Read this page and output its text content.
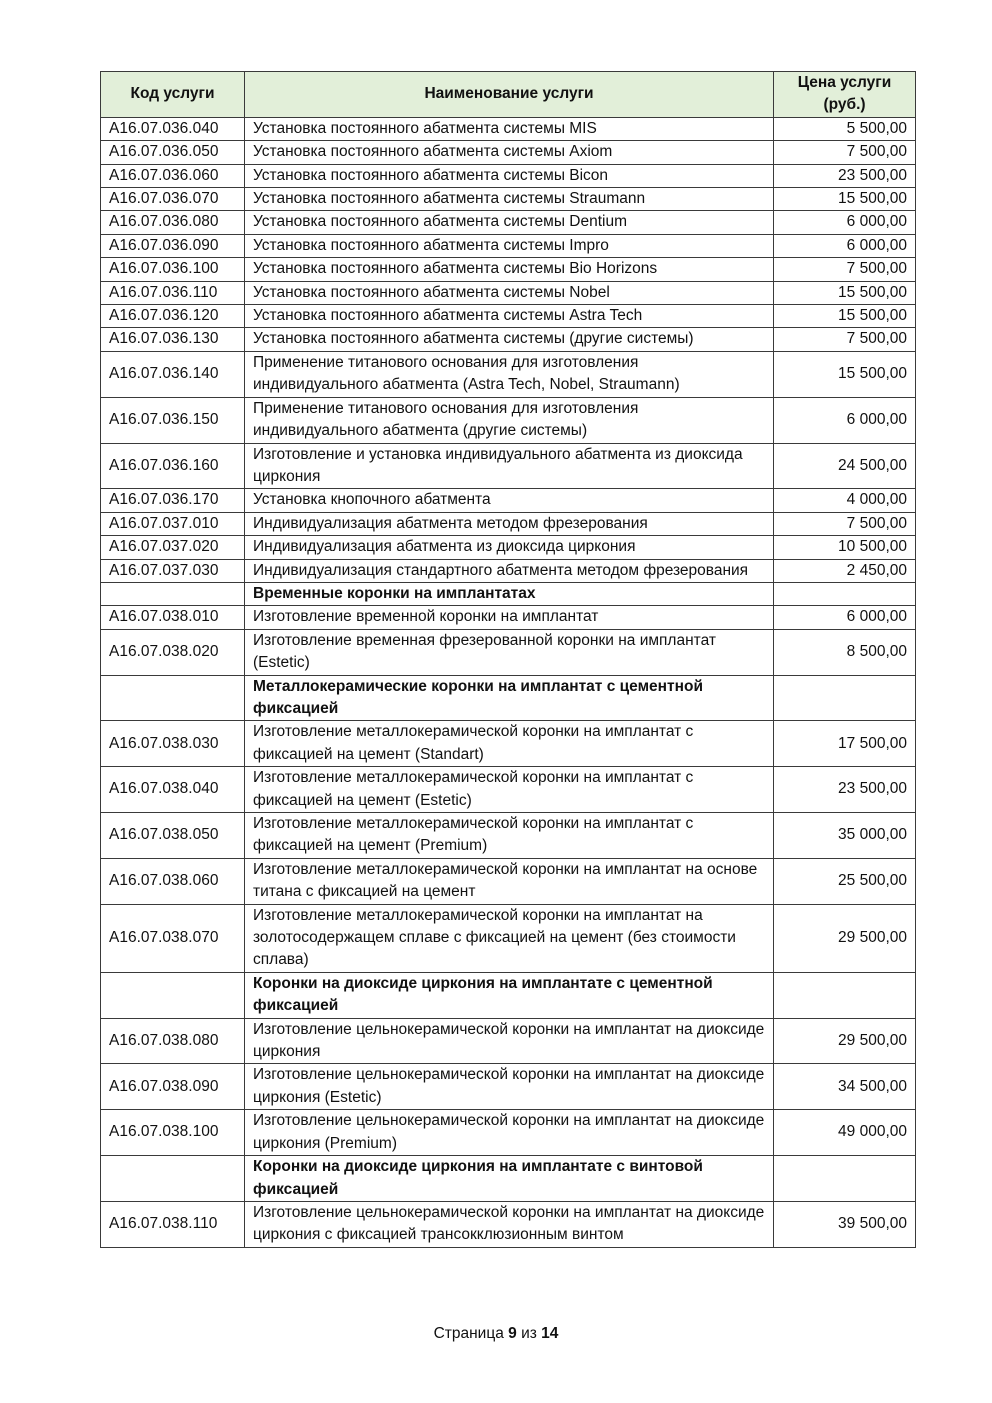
Код услуги	Наименование услуги	Цена услуги (руб.)
А16.07.036.040	Установка постоянного абатмента системы MIS	5 500,00
А16.07.036.050	Установка постоянного абатмента системы Axiom	7 500,00
А16.07.036.060	Установка постоянного абатмента системы Bicon	23 500,00
А16.07.036.070	Установка постоянного абатмента системы Straumann	15 500,00
А16.07.036.080	Установка постоянного абатмента системы Dentium	6 000,00
А16.07.036.090	Установка постоянного абатмента системы Impro	6 000,00
А16.07.036.100	Установка постоянного абатмента системы Bio Horizons	7 500,00
А16.07.036.110	Установка постоянного абатмента системы Nobel	15 500,00
А16.07.036.120	Установка постоянного абатмента системы Astra Tech	15 500,00
А16.07.036.130	Установка постоянного абатмента системы (другие системы)	7 500,00
А16.07.036.140	Применение титанового основания для изготовления индивидуального абатмента (Astra Tech, Nobel, Straumann)	15 500,00
А16.07.036.150	Применение титанового основания для изготовления индивидуального абатмента (другие системы)	6 000,00
А16.07.036.160	Изготовление и установка индивидуального абатмента из диоксида циркония	24 500,00
А16.07.036.170	Установка кнопочного абатмента	4 000,00
А16.07.037.010	Индивидуализация абатмента методом фрезерования	7 500,00
А16.07.037.020	Индивидуализация абатмента из диоксида циркония	10 500,00
А16.07.037.030	Индивидуализация стандартного абатмента методом фрезерования	2 450,00
	Временные коронки на имплантатах	
А16.07.038.010	Изготовление временной коронки на имплантат	6 000,00
А16.07.038.020	Изготовление временная фрезерованной коронки на имплантат (Estetic)	8 500,00
	Металлокерамические коронки на имплантат с цементной фиксацией	
А16.07.038.030	Изготовление металлокерамической коронки на имплантат с фиксацией на цемент (Standart)	17 500,00
А16.07.038.040	Изготовление металлокерамической коронки на имплантат с фиксацией на цемент (Estetic)	23 500,00
А16.07.038.050	Изготовление металлокерамической коронки на имплантат с фиксацией на цемент (Premium)	35 000,00
А16.07.038.060	Изготовление металлокерамической коронки на имплантат на основе титана с фиксацией на цемент	25 500,00
А16.07.038.070	Изготовление металлокерамической коронки на имплантат на золотосодержащем сплаве с фиксацией на цемент (без стоимости сплава)	29 500,00
	Коронки на диоксиде циркония на имплантате с цементной фиксацией	
А16.07.038.080	Изготовление цельнокерамической коронки на имплантат на диоксиде циркония	29 500,00
А16.07.038.090	Изготовление цельнокерамической коронки на имплантат на диоксиде циркония (Estetic)	34 500,00
А16.07.038.100	Изготовление цельнокерамической коронки на имплантат на диоксиде циркония (Premium)	49 000,00
	Коронки на диоксиде циркония на имплантате с винтовой фиксацией	
А16.07.038.110	Изготовление цельнокерамической коронки на имплантат на диоксиде циркония с фиксацией трансокклюзионным винтом	39 500,00
Страница 9 из 14
